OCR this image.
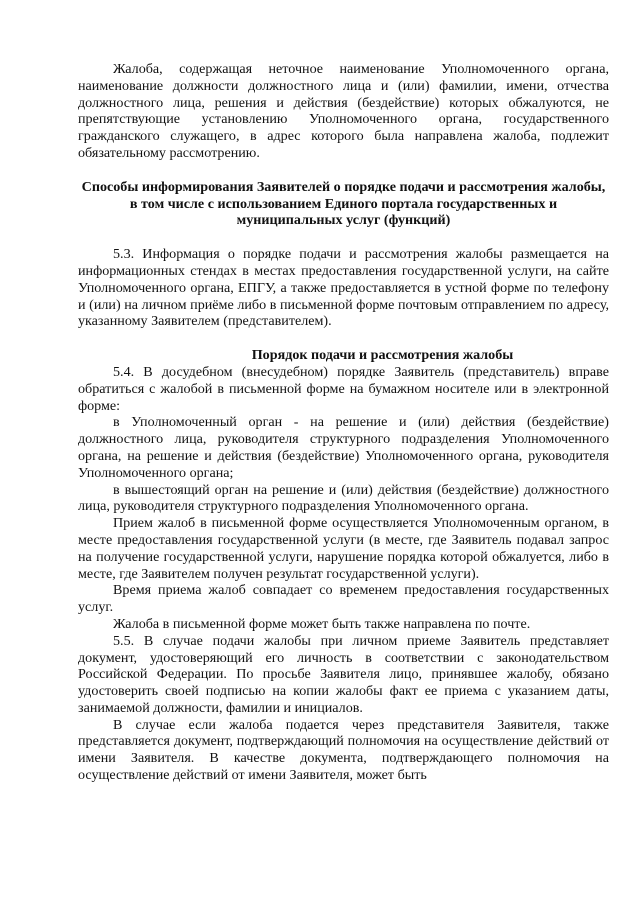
Жалоба, содержащая неточное наименование Уполномоченного органа, наименование должности должностного лица и (или) фамилии, имени, отчества должностного лица, решения и действия (бездействие) которых обжалуются, не препятствующие установлению Уполномоченного органа, государственного гражданского служащего, в адрес которого была направлена жалоба, подлежит обязательному рассмотрению.

Способы информирования Заявителей о порядке подачи и рассмотрения жалобы, в том числе с использованием Единого портала государственных и муниципальных услуг (функций)

5.3. Информация о порядке подачи и рассмотрения жалобы размещается на информационных стендах в местах предоставления государственной услуги, на сайте Уполномоченного органа, ЕПГУ, а также предоставляется в устной форме по телефону и (или) на личном приёме либо в письменной форме почтовым отправлением по адресу, указанному Заявителем (представителем).

Порядок подачи и рассмотрения жалобы

5.4. В досудебном (внесудебном) порядке Заявитель (представитель) вправе обратиться с жалобой в письменной форме на бумажном носителе или в электронной форме:

в Уполномоченный орган - на решение и (или) действия (бездействие) должностного лица, руководителя структурного подразделения Уполномоченного органа, на решение и действия (бездействие) Уполномоченного органа, руководителя Уполномоченного органа;

в вышестоящий орган на решение и (или) действия (бездействие) должностного лица, руководителя структурного подразделения Уполномоченного органа.

Прием жалоб в письменной форме осуществляется Уполномоченным органом, в месте предоставления государственной услуги (в месте, где Заявитель подавал запрос на получение государственной услуги, нарушение порядка которой обжалуется, либо в месте, где Заявителем получен результат государственной услуги).

Время приема жалоб совпадает со временем предоставления государственных услуг.

Жалоба в письменной форме может быть также направлена по почте.

5.5. В случае подачи жалобы при личном приеме Заявитель представляет документ, удостоверяющий его личность в соответствии с законодательством Российской Федерации. По просьбе Заявителя лицо, принявшее жалобу, обязано удостоверить своей подписью на копии жалобы факт ее приема с указанием даты, занимаемой должности, фамилии и инициалов.

В случае если жалоба подается через представителя Заявителя, также представляется документ, подтверждающий полномочия на осуществление действий от имени Заявителя. В качестве документа, подтверждающего полномочия на осуществление действий от имени Заявителя, может быть
